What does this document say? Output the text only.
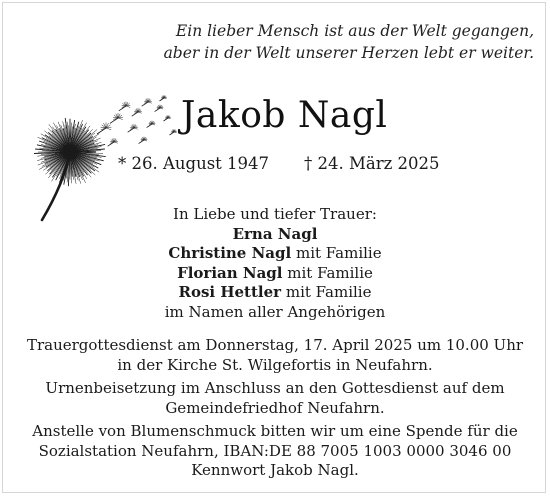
Ein lieber Mensch ist aus der Welt gegangen,
aber in der Welt unserer Herzen lebt er weiter.
Jakob Nagl
* 26. August 1947 † 24. März 2025
In Liebe und tiefer Trauer:
Erna Nagl
Christine Nagl mit Familie
Florian Nagl mit Familie
Rosi Hettler mit Familie
im Namen aller Angehörigen
Trauergottesdienst am Donnerstag, 17. April 2025 um 10.00 Uhr
in der Kirche St. Wilgefortis in Neufahrn.
Urnenbeisetzung im Anschluss an den Gottesdienst auf dem
Gemeindefriedhof Neufahrn.
Anstelle von Blumenschmuck bitten wir um eine Spende für die
Sozialstation Neufahrn, IBAN:DE 88 7005 1003 0000 3046 00
Kennwort Jakob Nagl.
